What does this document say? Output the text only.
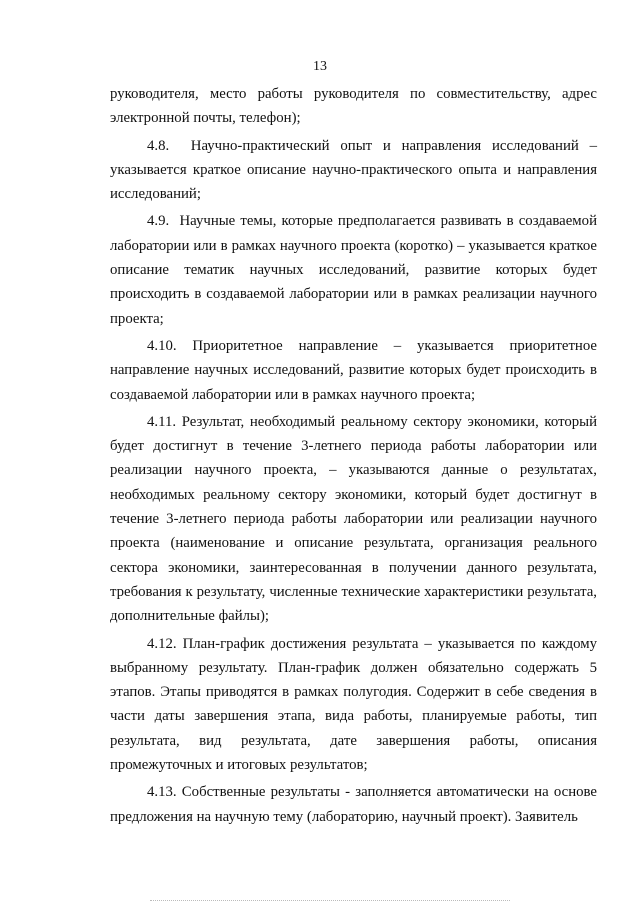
13

руководителя, место работы руководителя по совместительству, адрес электронной почты, телефон);

4.8.  Научно-практический опыт и направления исследований – указывается краткое описание научно-практического опыта и направления исследований;

4.9.  Научные темы, которые предполагается развивать в создаваемой лаборатории или в рамках научного проекта (коротко) – указывается краткое описание тематик научных исследований, развитие которых будет происходить в создаваемой лаборатории или в рамках реализации научного проекта;

4.10. Приоритетное направление – указывается приоритетное направление научных исследований, развитие которых будет происходить в создаваемой лаборатории или в рамках научного проекта;

4.11. Результат, необходимый реальному сектору экономики, который будет достигнут в течение 3-летнего периода работы лаборатории или реализации научного проекта, – указываются данные о результатах, необходимых реальному сектору экономики, который будет достигнут в течение 3-летнего периода работы лаборатории или реализации научного проекта (наименование и описание результата, организация реального сектора экономики, заинтересованная в получении данного результата, требования к результату, численные технические характеристики результата, дополнительные файлы);

4.12. План-график достижения результата – указывается по каждому выбранному результату. План-график должен обязательно содержать 5 этапов. Этапы приводятся в рамках полугодия. Содержит в себе сведения в части даты завершения этапа, вида работы, планируемые работы, тип результата, вид результата, дате завершения работы, описания промежуточных и итоговых результатов;

4.13. Собственные результаты - заполняется автоматически на основе предложения на научную тему (лабораторию, научный проект). Заявитель
